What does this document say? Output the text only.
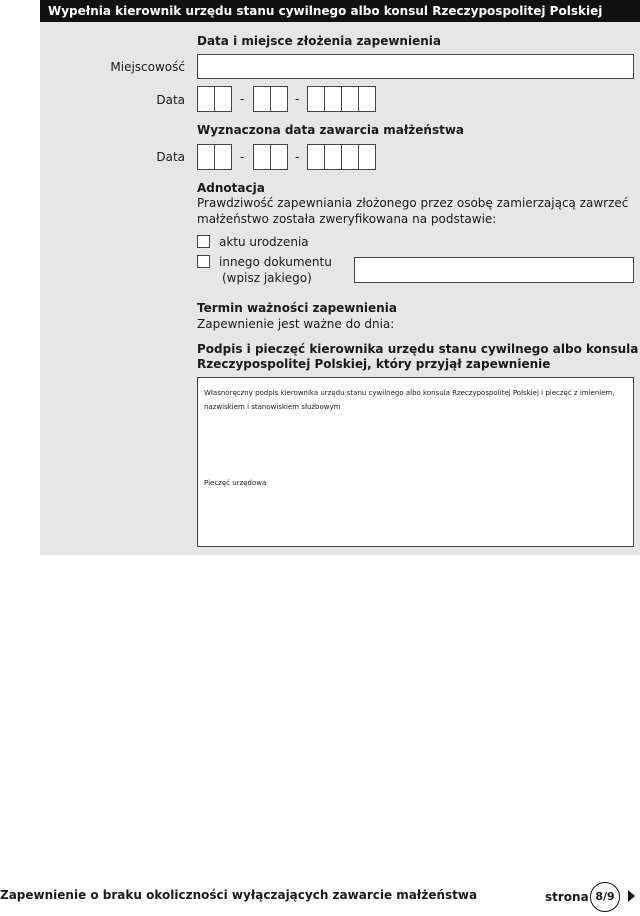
Wypełnia kierownik urzędu stanu cywilnego albo konsul Rzeczypospolitej Polskiej
Data i miejsce złożenia zapewnienia
Miejscowość
Data	-	-
Wyznaczona data zawarcia małżeństwa
Data	-	-
Adnotacja
Prawdziwość zapewniania złożonego przez osobę zamierzającą zawrzeć
małżeństwo została zweryfikowana na podstawie:
aktu urodzenia
innego dokumentu
(wpisz jakiego)
Termin ważności zapewnienia
Zapewnienie jest ważne do dnia:
Podpis i pieczęć kierownika urzędu stanu cywilnego albo konsula
Rzeczypospolitej Polskiej, który przyjął zapewnienie
Własnoręczny podpis kierownika urzędu stanu cywilnego albo konsula Rzeczypospolitej Polskiej i pieczęć z imieniem, nazwiskiem i stanowiskiem służbowym
Pieczęć urzędowa
Zapewnienie o braku okoliczności wyłączających zawarcie małżeństwa	strona 8/9
